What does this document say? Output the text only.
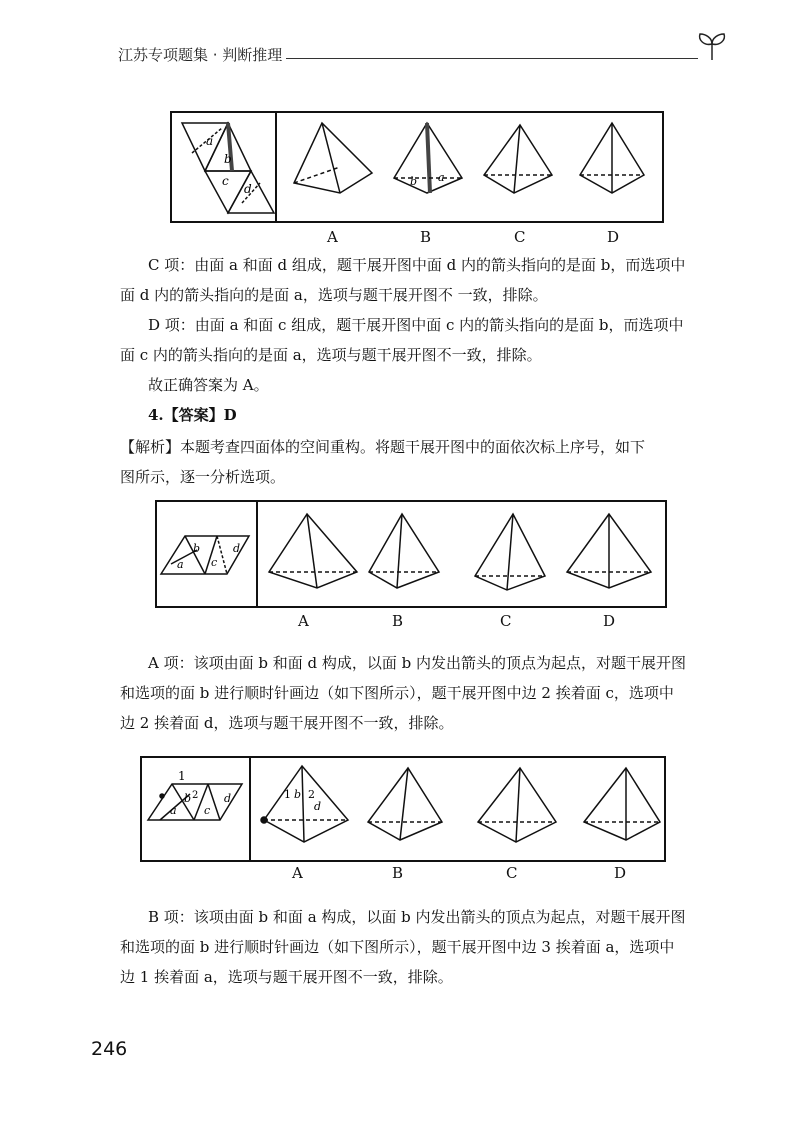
江苏专项题集 · 判断推理
a
b
c
d
b a
A	B	C	D
C 项：由面 a 和面 d 组成，题干展开图中面 d 内的箭头指向的是面 b，而选项中
面 d 内的箭头指向的是面 a，选项与题干展开图不 一致，排除。
D 项：由面 a 和面 c 组成，题干展开图中面 c 内的箭头指向的是面 b，而选项中
面 c 内的箭头指向的是面 a，选项与题干展开图不一致，排除。
故正确答案为 A。
4.【答案】D
【解析】本题考查四面体的空间重构。将题干展开图中的面依次标上序号，如下
图所示，逐一分析选项。
a
b
c
d
A	B	C	D
A 项：该项由面 b 和面 d 构成，以面 b 内发出箭头的顶点为起点，对题干展开图
和选项的面 b 进行顺时针画边（如下图所示），题干展开图中边 2 挨着面 c，选项中
边 2 挨着面 d，选项与题干展开图不一致，排除。
1
a
b 2
c
d	1 b 2
d
A	B	C	D
B 项：该项由面 b 和面 a 构成，以面 b 内发出箭头的顶点为起点，对题干展开图
和选项的面 b 进行顺时针画边（如下图所示），题干展开图中边 3 挨着面 a，选项中
边 1 挨着面 a，选项与题干展开图不一致，排除。
246
